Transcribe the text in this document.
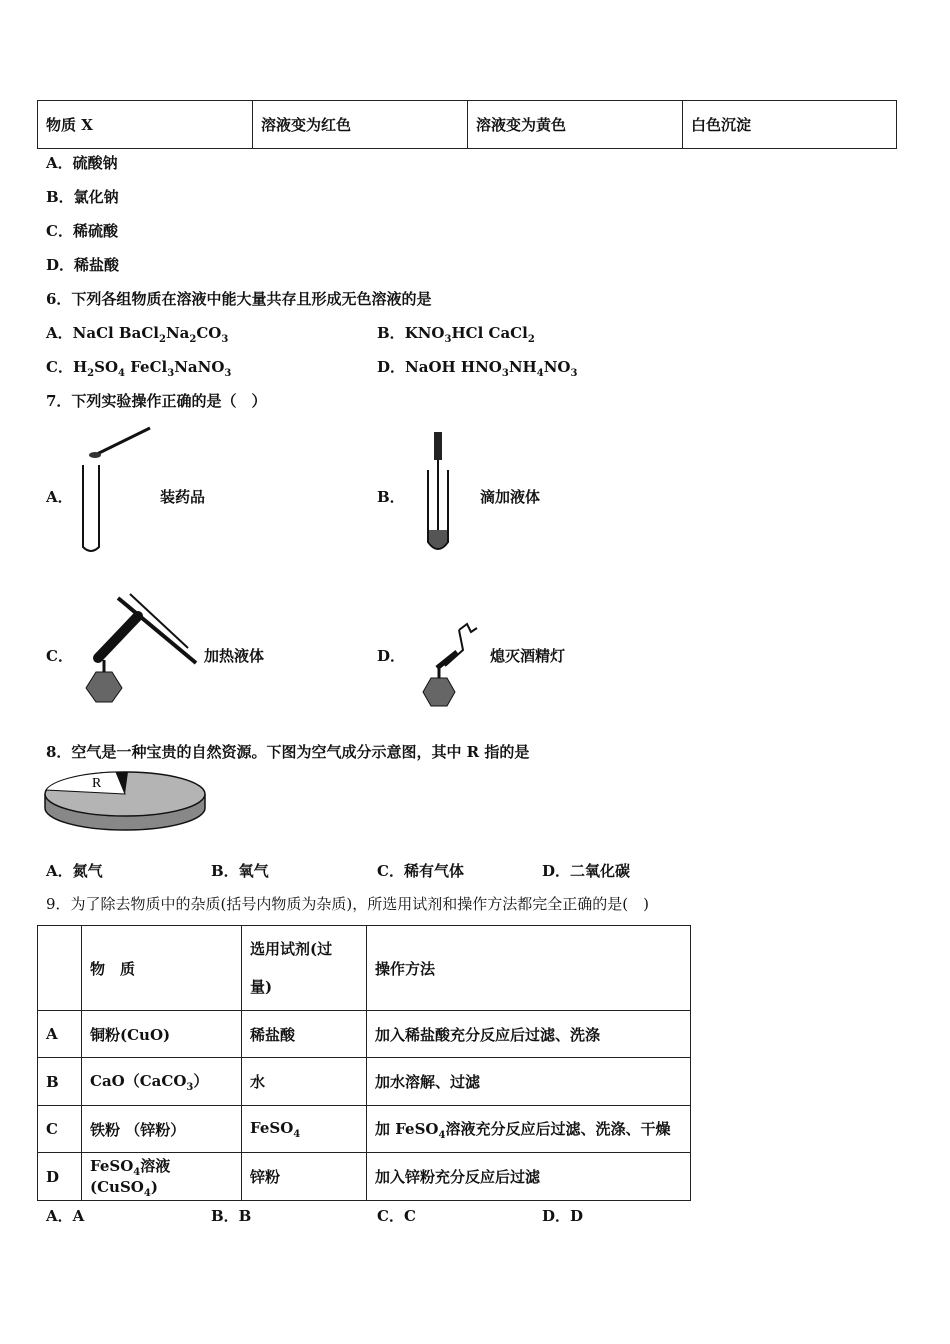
物质 X	溶液变为红色	溶液变为黄色	白色沉淀
A．硫酸钠
B．氯化钠
C．稀硫酸
D．稀盐酸
6．下列各组物质在溶液中能大量共存且形成无色溶液的是
A．NaCl $BaCl_2Na_2CO_3$	B．$KNO_3HCl$ CaCl$_2$
C．$H_2SO_4$ FeCl$_3$NaNO$_3$	D．NaOH $HNO_3NH_4NO_3$
7．下列实验操作正确的是（　）
A．	装药品	B．	滴加液体
C．	加热液体	D．	熄灭酒精灯
8．空气是一种宝贵的自然资源。下图为空气成分示意图，其中 R 指的是
R
A．氮气	B．氧气	C．稀有气体	D．二氧化碳
9．为了除去物质中的杂质(括号内物质为杂质)，所选用试剂和操作方法都完全正确的是(　)
	物　质	选用试剂(过
量)	操作方法
A	铜粉(CuO)	稀盐酸	加入稀盐酸充分反应后过滤、洗涤
B	CaO（CaCO$_3$）	水	加水溶解、过滤
C	铁粉 （锌粉）	FeSO$_4$	加 FeSO$_4$溶液充分反应后过滤、洗涤、干燥
D	FeSO$_4$溶液(CuSO$_4$)	锌粉	加入锌粉充分反应后过滤
A．A	B．B	C．C	D．D
